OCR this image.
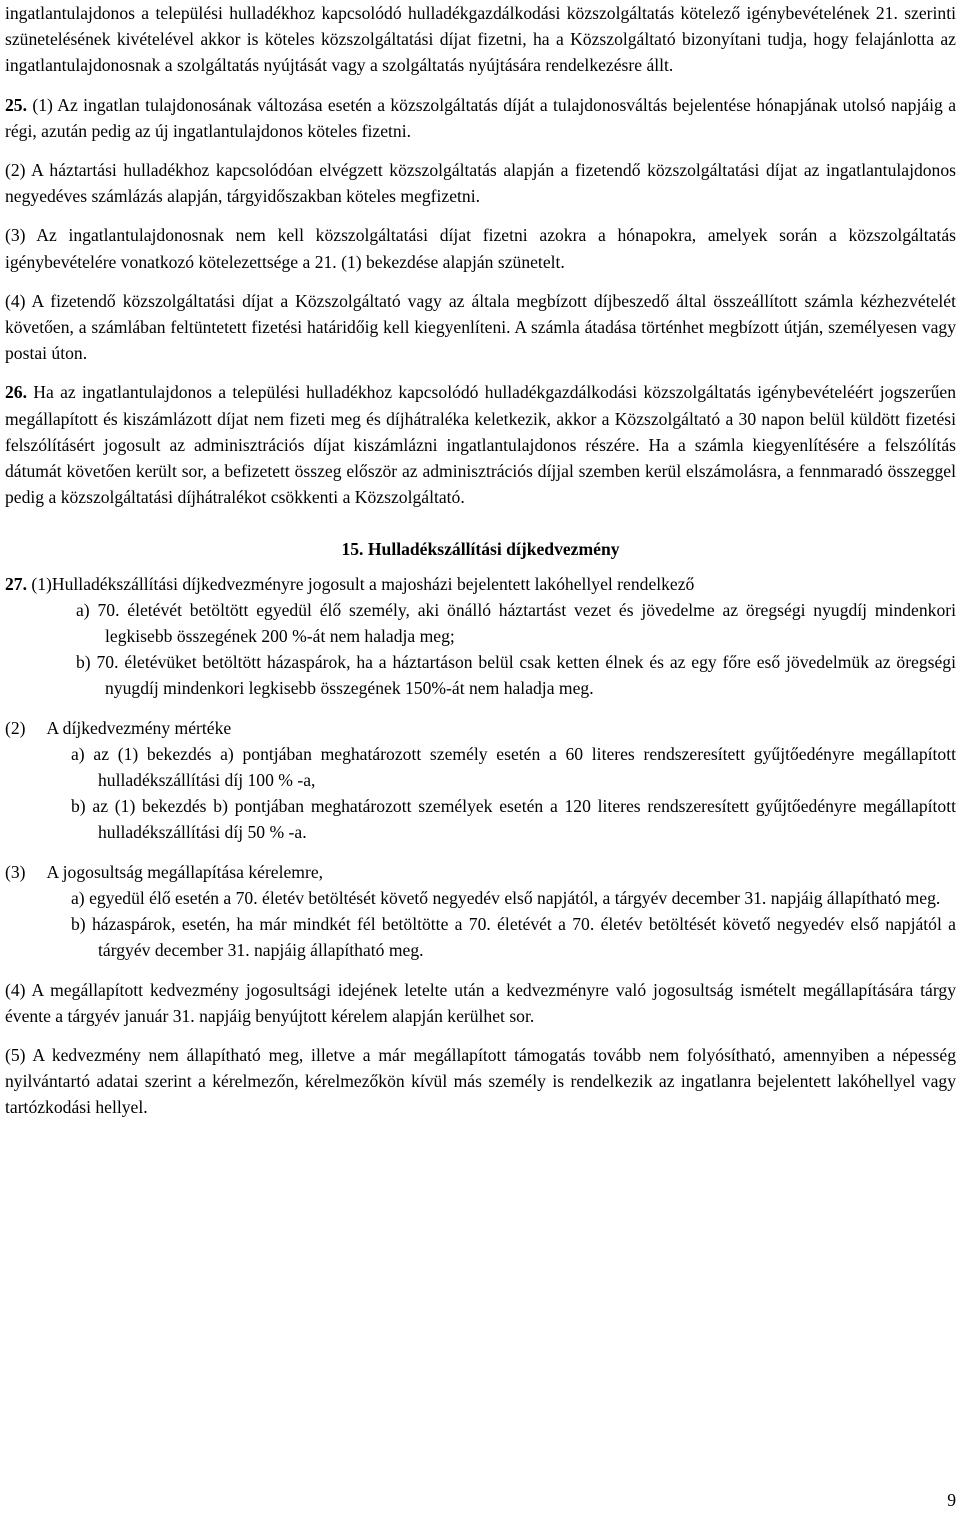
ingatlantulajdonos a települési hulladékhoz kapcsolódó hulladékgazdálkodási közszolgáltatás kötelező igénybevételének 21. szerinti szünetelésének kivételével akkor is köteles közszolgáltatási díjat fizetni, ha a Közszolgáltató bizonyítani tudja, hogy felajánlotta az ingatlantulajdonosnak a szolgáltatás nyújtását vagy a szolgáltatás nyújtására rendelkezésre állt.

25. (1) Az ingatlan tulajdonosának változása esetén a közszolgáltatás díját a tulajdonosváltás bejelentése hónapjának utolsó napjáig a régi, azután pedig az új ingatlantulajdonos köteles fizetni.

(2) A háztartási hulladékhoz kapcsolódóan elvégzett közszolgáltatás alapján a fizetendő közszolgáltatási díjat az ingatlantulajdonos negyedéves számlázás alapján, tárgyidőszakban köteles megfizetni.

(3) Az ingatlantulajdonosnak nem kell közszolgáltatási díjat fizetni azokra a hónapokra, amelyek során a közszolgáltatás igénybevételére vonatkozó kötelezettsége a 21. (1) bekezdése alapján szünetelt.

(4) A fizetendő közszolgáltatási díjat a Közszolgáltató vagy az általa megbízott díjbeszedő által összeállított számla kézhezvételét követően, a számlában feltüntetett fizetési határidőig kell kiegyenlíteni. A számla átadása történhet megbízott útján, személyesen vagy postai úton.

26. Ha az ingatlantulajdonos a települési hulladékhoz kapcsolódó hulladékgazdálkodási közszolgáltatás igénybevételéért jogszerűen megállapított és kiszámlázott díjat nem fizeti meg és díjhátraléka keletkezik, akkor a Közszolgáltató a 30 napon belül küldött fizetési felszólításért jogosult az adminisztrációs díjat kiszámlázni ingatlantulajdonos részére. Ha a számla kiegyenlítésére a felszólítás dátumát követően került sor, a befizetett összeg először az adminisztrációs díjjal szemben kerül elszámolásra, a fennmaradó összeggel pedig a közszolgáltatási díjhátralékot csökkenti a Közszolgáltató.

15. Hulladékszállítási díjkedvezmény

27. (1)Hulladékszállítási díjkedvezményre jogosult a majosházi bejelentett lakóhellyel rendelkező

a) 70. életévét betöltött egyedül élő személy, aki önálló háztartást vezet és jövedelme az öregségi nyugdíj mindenkori legkisebb összegének 200 %-át nem haladja meg;

b) 70. életévüket betöltött házaspárok, ha a háztartáson belül csak ketten élnek és az egy főre eső jövedelmük az öregségi nyugdíj mindenkori legkisebb összegének 150%-át nem haladja meg.

(2)     A díjkedvezmény mértéke

a) az (1) bekezdés a) pontjában meghatározott személy esetén a 60 literes rendszeresített gyűjtőedényre megállapított hulladékszállítási díj 100 % -a,

b) az (1) bekezdés b) pontjában meghatározott személyek esetén a 120 literes rendszeresített gyűjtőedényre megállapított hulladékszállítási díj 50 % -a.

(3)     A jogosultság megállapítása kérelemre,

a) egyedül élő esetén a 70. életév betöltését követő negyedév első napjától, a tárgyév december 31. napjáig állapítható meg.

b) házaspárok, esetén, ha már mindkét fél betöltötte a 70. életévét a 70. életév betöltését követő negyedév első napjától a tárgyév december 31. napjáig állapítható meg.

(4) A megállapított kedvezmény jogosultsági idejének letelte után a kedvezményre való jogosultság ismételt megállapítására tárgy évente a tárgyév január 31. napjáig benyújtott kérelem alapján kerülhet sor.

(5) A kedvezmény nem állapítható meg, illetve a már megállapított támogatás tovább nem folyósítható, amennyiben a népesség nyilvántartó adatai szerint a kérelmezőn, kérelmezőkön kívül más személy is rendelkezik az ingatlanra bejelentett lakóhellyel vagy tartózkodási hellyel.

9
